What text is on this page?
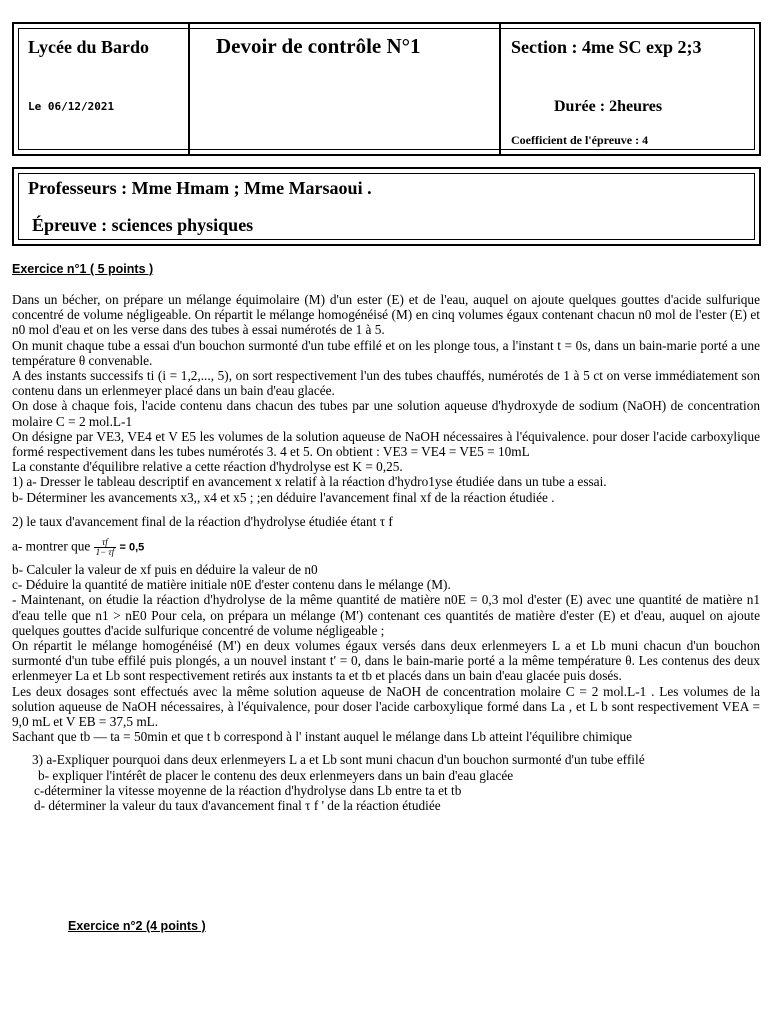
Lycée du Bardo
Le 06/12/2021
Devoir de contrôle N°1	Section : 4me SC exp 2;3
Durée : 2heures
Coefficient de l'épreuve : 4
Professeurs : Mme Hmam ; Mme Marsaoui .
Épreuve : sciences physiques
Exercice n°1 ( 5 points )

Dans un bécher, on prépare un mélange équimolaire (M) d'un ester (E) et de l'eau, auquel on ajoute quelques gouttes d'acide sulfurique concentré de volume négligeable. On répartit le mélange homogénéisé (M) en cinq volumes égaux contenant chacun n0 mol de l'ester (E) et n0 mol d'eau et on les verse dans des tubes à essai numérotés de 1 à 5.

On munit chaque tube a essai d'un bouchon surmonté d'un tube effilé et on les plonge tous, a l'instant t = 0s, dans un bain-marie porté a une température θ convenable.

A des instants successifs ti (i = 1,2,..., 5), on sort respectivement l'un des tubes chauffés, numérotés de 1 à 5 ct on verse immédiatement son contenu dans un erlenmeyer placé dans un bain d'eau glacée.

On dose à chaque fois, l'acide contenu dans chacun des tubes par une solution aqueuse d'hydroxyde de sodium (NaOH) de concentration molaire C = 2 mol.L-1

On désigne par VE3, VE4 et V E5 les volumes de la solution aqueuse de NaOH nécessaires à l'équivalence. pour doser l'acide carboxylique formé respectivement dans les tubes numérotés 3. 4 et 5. On obtient : VE3 = VE4 = VE5 = 10mL

La constante d'équilibre relative a cette réaction d'hydrolyse est K = 0,25.

1) a- Dresser le tableau descriptif en avancement x relatif à la réaction d'hydro1yse étudiée dans un tube a essai.

b- Déterminer les avancements x3,, x4 et x5 ; ;en déduire l'avancement final xf de la réaction étudiée .

2) le taux d'avancement final de la réaction d'hydrolyse étudiée étant τ f

a- montrer que $\frac{\tau f}{1- \tau f} = 0,5$

b- Calculer la valeur de xf puis en déduire la valeur de n0

c- Déduire la quantité de matière initiale n0E d'ester contenu dans le mélange (M).

- Maintenant, on étudie la réaction d'hydrolyse de la même quantité de matière n0E = 0,3 mol d'ester (E) avec une quantité de matière n1 d'eau telle que n1 > nE0 Pour cela, on prépara un mélange (M') contenant ces quantités de matière d'ester (E) et d'eau, auquel on ajoute quelques gouttes d'acide sulfurique concentré de volume négligeable ;

On répartit le mélange homogénéisé (M') en deux volumes égaux versés dans deux erlenmeyers L a et Lb muni chacun d'un bouchon surmonté d'un tube effilé puis plongés, a un nouvel instant t' = 0, dans le bain-marie porté a la même température θ. Les contenus des deux erlenmeyer La et Lb sont respectivement retirés aux instants ta et tb et placés dans un bain d'eau glacée puis dosés.

Les deux dosages sont effectués avec la même solution aqueuse de NaOH de concentration molaire C = 2 mol.L-1 . Les volumes de la solution aqueuse de NaOH nécessaires, à l'équivalence, pour doser l'acide carboxylique formé dans La , et L b sont respectivement VEA = 9,0 mL et V EB = 37,5 mL.

Sachant que tb — ta = 50min et que t b correspond à l' instant auquel le mélange dans Lb atteint l'équilibre chimique

3) a-Expliquer pourquoi dans deux erlenmeyers L a et Lb sont muni chacun d'un bouchon surmonté d'un tube effilé

b- expliquer l'intérêt de placer le contenu des deux erlenmeyers dans un bain d'eau glacée

c-déterminer la vitesse moyenne de la réaction d'hydrolyse dans Lb entre ta et tb

d- déterminer la valeur du taux d'avancement final τ f ' de la réaction étudiée

Exercice n°2 (4 points )
